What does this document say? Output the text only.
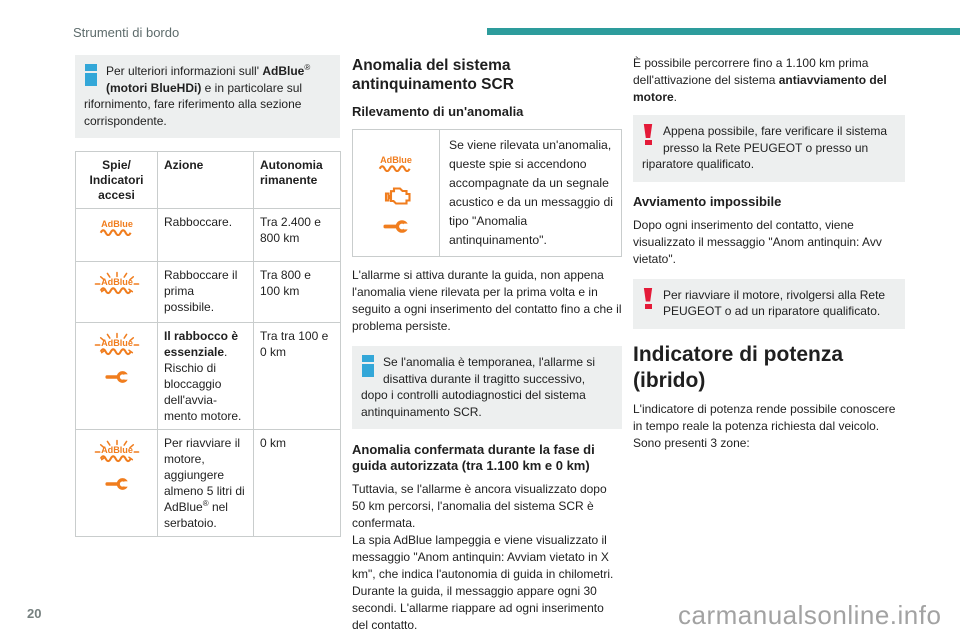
Strumenti di bordo
Per ulteriori informazioni sull' AdBlue® (motori BlueHDi) e in particolare sul rifornimento, fare riferimento alla sezione corrispondente.
Spie/ Indicatori accesi	Azione	Autonomia rimanente

	Rabboccare.	Tra 2.400 e 800 km

	Rabboccare il prima possibile.	Tra 800 e 100 km

	Il rabbocco è essenziale. Rischio di bloccaggio dell'avvia-mento motore.	Tra tra 100 e 0 km

	Per riavviare il motore, aggiungere almeno 5 litri di AdBlue® nel serbatoio.	0 km
Anomalia del sistema antinquinamento SCR
Rilevamento di un'anomalia
Se viene rilevata un'anomalia, queste spie si accendono accompagnate da un segnale acustico e da un messaggio di tipo "Anomalia antinquinamento".

L'allarme si attiva durante la guida, non appena l'anomalia viene rilevata per la prima volta e in seguito a ogni inserimento del contatto fino a che il problema persiste.

Se l'anomalia è temporanea, l'allarme si disattiva durante il tragitto successivo, dopo i controlli autodiagnostici del sistema antinquinamento SCR.
Anomalia confermata durante la fase di guida autorizzata (tra 1.100 km e 0 km)

Tuttavia, se l'allarme è ancora visualizzato dopo 50 km percorsi, l'anomalia del sistema SCR è confermata.

La spia AdBlue lampeggia e viene visualizzato il messaggio "Anom antinquin: Avviam vietato in X km", che indica l'autonomia di guida in chilometri.

Durante la guida, il messaggio appare ogni 30 secondi. L'allarme riappare ad ogni inserimento del contatto.

È possibile percorrere fino a 1.100 km prima dell'attivazione del sistema antiavviamento del motore.

Appena possibile, fare verificare il sistema presso la Rete PEUGEOT o presso un riparatore qualificato.
Avviamento impossibile

Dopo ogni inserimento del contatto, viene visualizzato il messaggio "Anom antinquin: Avv vietato".

Per riavviare il motore, rivolgersi alla Rete PEUGEOT o ad un riparatore qualificato.
Indicatore di potenza (ibrido)

L'indicatore di potenza rende possibile conoscere in tempo reale la potenza richiesta dal veicolo.

Sono presenti 3 zone:

20	carmanualsonline.info
